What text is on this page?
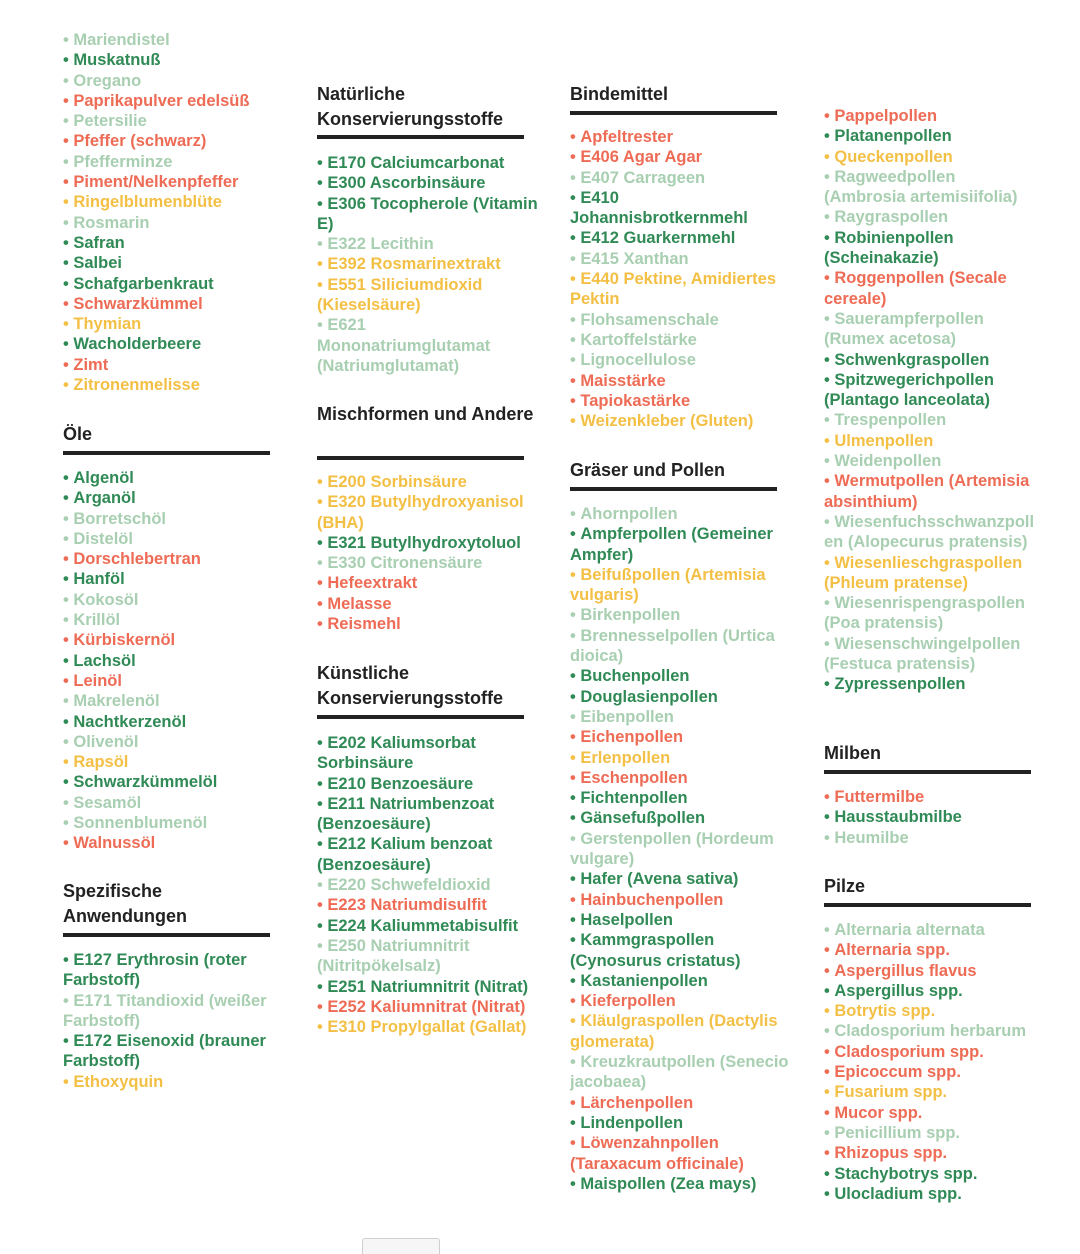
• Mariendistel
• Muskatnuß
• Oregano
• Paprikapulver edelsüß
• Petersilie
• Pfeffer (schwarz)
• Pfefferminze
• Piment/Nelkenpfeffer
• Ringelblumenblüte
• Rosmarin
• Safran
• Salbei
• Schafgarbenkraut
• Schwarzkümmel
• Thymian
• Wacholderbeere
• Zimt
• Zitronenmelisse
Öle
• Algenöl
• Arganöl
• Borretschöl
• Distelöl
• Dorschlebertran
• Hanföl
• Kokosöl
• Krillöl
• Kürbiskernöl
• Lachsöl
• Leinöl
• Makrelenöl
• Nachtkerzenöl
• Olivenöl
• Rapsöl
• Schwarzkümmelöl
• Sesamöl
• Sonnenblumenöl
• Walnussöl
Spezifische Anwendungen
• E127 Erythrosin (roter Farbstoff)
• E171 Titandioxid (weißer Farbstoff)
• E172 Eisenoxid (brauner Farbstoff)
• Ethoxyquin
Natürliche Konservierungsstoffe
• E170 Calciumcarbonat
• E300 Ascorbinsäure
• E306 Tocopherole (Vitamin E)
• E322 Lecithin
• E392 Rosmarinextrakt
• E551 Siliciumdioxid (Kieselsäure)
• E621 Mononatriumglutamat (Natriumglutamat)
Mischformen und Andere
• E200 Sorbinsäure
• E320 Butylhydroxyanisol (BHA)
• E321 Butylhydroxytoluol
• E330 Citronensäure
• Hefeextrakt
• Melasse
• Reismehl
Künstliche Konservierungsstoffe
• E202 Kaliumsorbat Sorbinsäure
• E210 Benzoesäure
• E211 Natriumbenzoat (Benzoesäure)
• E212 Kalium benzoat (Benzoesäure)
• E220 Schwefeldioxid
• E223 Natriumdisulfit
• E224 Kaliummetabisulfit
• E250 Natriumnitrit (Nitritpökelsalz)
• E251 Natriumnitrit (Nitrat)
• E252 Kaliumnitrat (Nitrat)
• E310 Propylgallat (Gallat)
Bindemittel
• Apfeltrester
• E406 Agar Agar
• E407 Carrageen
• E410 Johannisbrotkernmehl
• E412 Guarkernmehl
• E415 Xanthan
• E440 Pektine, Amidiertes Pektin
• Flohsamenschale
• Kartoffelstärke
• Lignocellulose
• Maisstärke
• Tapiokastärke
• Weizenkleber (Gluten)
Gräser und Pollen
• Ahornpollen
• Ampferpollen (Gemeiner Ampfer)
• Beifußpollen (Artemisia vulgaris)
• Birkenpollen
• Brennesselpollen (Urtica dioica)
• Buchenpollen
• Douglasienpollen
• Eibenpollen
• Eichenpollen
• Erlenpollen
• Eschenpollen
• Fichtenpollen
• Gänsefußpollen
• Gerstenpollen (Hordeum vulgare)
• Hafer (Avena sativa)
• Hainbuchenpollen
• Haselpollen
• Kammgraspollen (Cynosurus cristatus)
• Kastanienpollen
• Kieferpollen
• Kläulgraspollen (Dactylis glomerata)
• Kreuzkrautpollen (Senecio jacobaea)
• Lärchenpollen
• Lindenpollen
• Löwenzahnpollen (Taraxacum officinale)
• Maispollen (Zea mays)
• Pappelpollen
• Platanenpollen
• Queckenpollen
• Ragweedpollen (Ambrosia artemisiifolia)
• Raygraspollen
• Robinienpollen (Scheinakazie)
• Roggenpollen (Secale cereale)
• Sauerampferpollen (Rumex acetosa)
• Schwenkgraspollen
• Spitzwegerichpollen (Plantago lanceolata)
• Trespenpollen
• Ulmenpollen
• Weidenpollen
• Wermutpollen (Artemisia absinthium)
• Wiesenfuchsschwanzpollen (Alopecurus pratensis)
• Wiesenlieschgraspollen (Phleum pratense)
• Wiesenrispengraspollen (Poa pratensis)
• Wiesenschwingelpollen (Festuca pratensis)
• Zypressenpollen
Milben
• Futtermilbe
• Hausstaubmilbe
• Heumilbe
Pilze
• Alternaria alternata
• Alternaria spp.
• Aspergillus flavus
• Aspergillus spp.
• Botrytis spp.
• Cladosporium herbarum
• Cladosporium spp.
• Epicoccum spp.
• Fusarium spp.
• Mucor spp.
• Penicillium spp.
• Rhizopus spp.
• Stachybotrys spp.
• Ulocladium spp.
